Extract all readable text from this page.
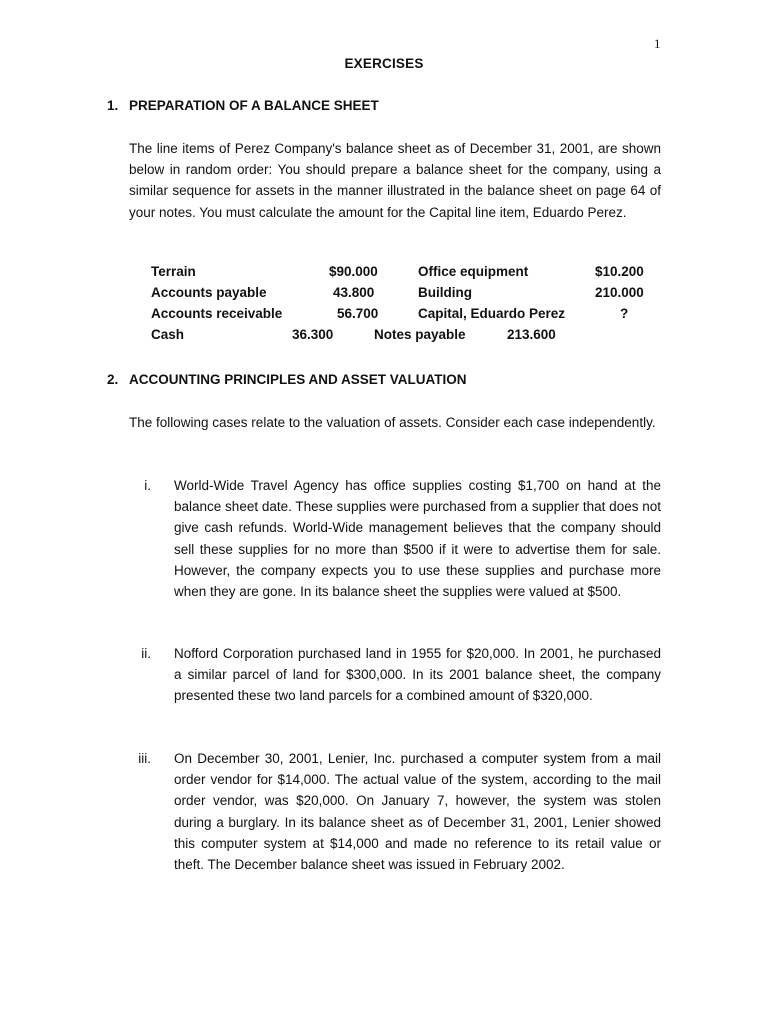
1
EXERCISES
1. PREPARATION OF A BALANCE SHEET
The line items of Perez Company's balance sheet as of December 31, 2001, are shown below in random order: You should prepare a balance sheet for the company, using a similar sequence for assets in the manner illustrated in the balance sheet on page 64 of your notes. You must calculate the amount for the Capital line item, Eduardo Perez.
Terrain	$90.000	Office equipment	$10.200
Accounts payable	43.800	Building	210.000
Accounts receivable	56.700	Capital, Eduardo Perez	?
Cash	36.300	Notes payable	213.600
2. ACCOUNTING PRINCIPLES AND ASSET VALUATION
The following cases relate to the valuation of assets. Consider each case independently.
i. World-Wide Travel Agency has office supplies costing $1,700 on hand at the balance sheet date. These supplies were purchased from a supplier that does not give cash refunds. World-Wide management believes that the company should sell these supplies for no more than $500 if it were to advertise them for sale. However, the company expects you to use these supplies and purchase more when they are gone. In its balance sheet the supplies were valued at $500.
ii. Nofford Corporation purchased land in 1955 for $20,000. In 2001, he purchased a similar parcel of land for $300,000. In its 2001 balance sheet, the company presented these two land parcels for a combined amount of $320,000.
iii. On December 30, 2001, Lenier, Inc. purchased a computer system from a mail order vendor for $14,000. The actual value of the system, according to the mail order vendor, was $20,000. On January 7, however, the system was stolen during a burglary. In its balance sheet as of December 31, 2001, Lenier showed this computer system at $14,000 and made no reference to its retail value or theft. The December balance sheet was issued in February 2002.
